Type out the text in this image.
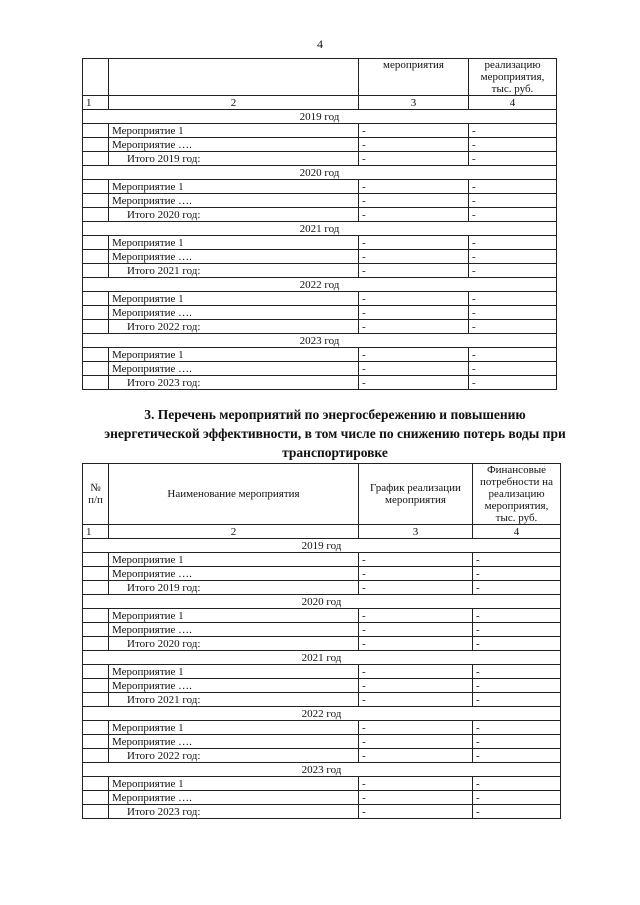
4
		мероприятия	реализацию мероприятия, тыс. руб.
1	2	3	4
2019 год			
	Мероприятие 1	-	-
	Мероприятие ….	-	-
	Итого 2019 год:	-	-
2020 год			
	Мероприятие 1	-	-
	Мероприятие ….	-	-
	Итого 2020 год:	-	-
2021 год			
	Мероприятие 1	-	-
	Мероприятие ….	-	-
	Итого 2021 год:	-	-
2022 год			
	Мероприятие 1	-	-
	Мероприятие ….	-	-
	Итого 2022 год:	-	-
2023 год			
	Мероприятие 1	-	-
	Мероприятие ….	-	-
	Итого 2023 год:	-	-
3. Перечень мероприятий по энергосбережению и повышению энергетической эффективности, в том числе по снижению потерь воды при транспортировке
№ п/п	Наименование мероприятия	График реализации мероприятия	Финансовые потребности на реализацию мероприятия, тыс. руб.
1	2	3	4
2019 год			
	Мероприятие 1	-	-
	Мероприятие ….	-	-
	Итого 2019 год:	-	-
2020 год			
	Мероприятие 1	-	-
	Мероприятие ….	-	-
	Итого 2020 год:	-	-
2021 год			
	Мероприятие 1	-	-
	Мероприятие ….	-	-
	Итого 2021 год:	-	-
2022 год			
	Мероприятие 1	-	-
	Мероприятие ….	-	-
	Итого 2022 год:	-	-
2023 год			
	Мероприятие 1	-	-
	Мероприятие ….	-	-
	Итого 2023 год:	-	-
